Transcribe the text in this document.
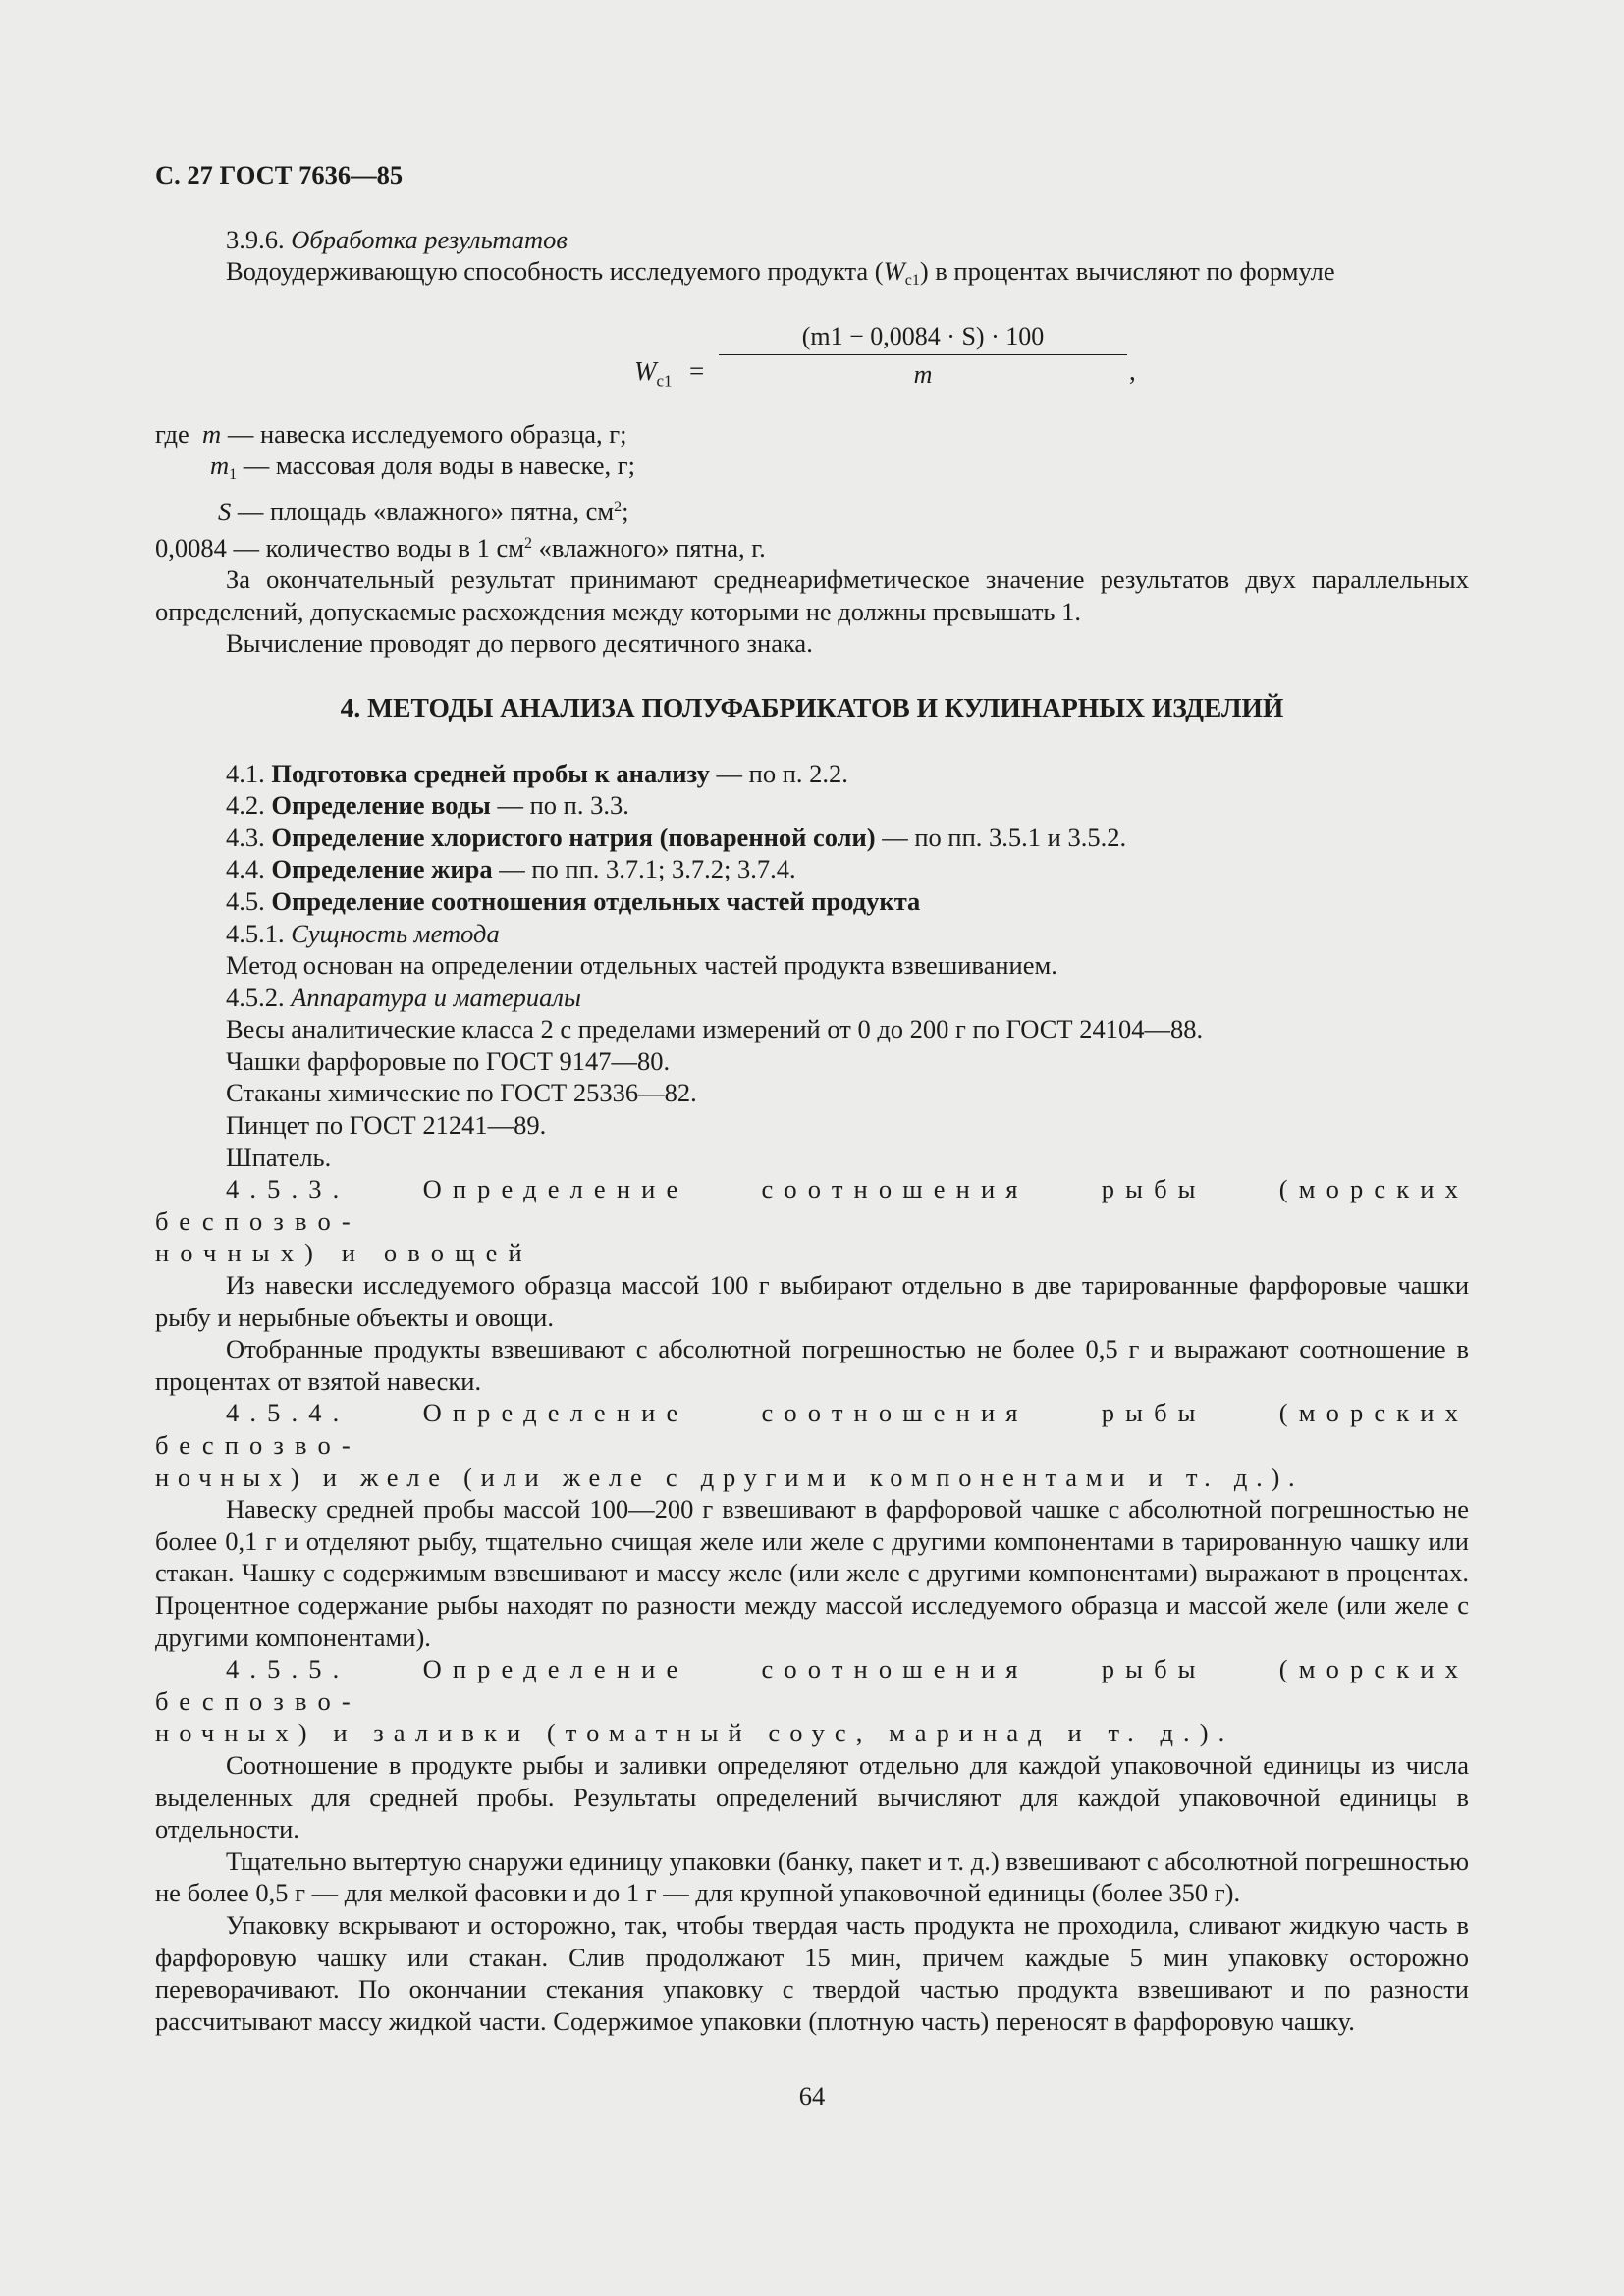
С. 27 ГОСТ 7636—85

3.9.6. Обработка результатов

Водоудерживающую способность исследуемого продукта $(W_{с1})$ в процентах вычисляют по формуле

$W_{с1} = \frac{(m1 - 0,0084 \cdot S) \cdot 100}{m}$ ,
где m — навеска исследуемого образца, г;
$m_1$ — массовая доля воды в навеске, г;
S — площадь «влажного» пятна, $см^2$;
0,0084 — количество воды в 1 $см^2$ «влажного» пятна, г.

За окончательный результат принимают среднеарифметическое значение результатов двух параллельных определений, допускаемые расхождения между которыми не должны превышать 1.

Вычисление проводят до первого десятичного знака.

4. МЕТОДЫ АНАЛИЗА ПОЛУФАБРИКАТОВ И КУЛИНАРНЫХ ИЗДЕЛИЙ

4.1. Подготовка средней пробы к анализу — по п. 2.2.

4.2. Определение воды — по п. 3.3.

4.3. Определение хлористого натрия (поваренной соли) — по пп. 3.5.1 и 3.5.2.

4.4. Определение жира — по пп. 3.7.1; 3.7.2; 3.7.4.

4.5. Определение соотношения отдельных частей продукта

4.5.1. Сущность метода

Метод основан на определении отдельных частей продукта взвешиванием.

4.5.2. Аппаратура и материалы

Весы аналитические класса 2 с пределами измерений от 0 до 200 г по ГОСТ 24104—88.

Чашки фарфоровые по ГОСТ 9147—80.

Стаканы химические по ГОСТ 25336—82.

Пинцет по ГОСТ 21241—89.

Шпатель.

4.5.3. Определение соотношения рыбы (морских беспозво-

ночных) и овощей

Из навески исследуемого образца массой 100 г выбирают отдельно в две тарированные фарфоровые чашки рыбу и нерыбные объекты и овощи.

Отобранные продукты взвешивают с абсолютной погрешностью не более 0,5 г и выражают соотношение в процентах от взятой навески.

4.5.4. Определение соотношения рыбы (морских беспозво-

ночных) и желе (или желе с другими компонентами и т. д.).

Навеску средней пробы массой 100—200 г взвешивают в фарфоровой чашке с абсолютной погрешностью не более 0,1 г и отделяют рыбу, тщательно счищая желе или желе с другими компонентами в тарированную чашку или стакан. Чашку с содержимым взвешивают и массу желе (или желе с другими компонентами) выражают в процентах. Процентное содержание рыбы находят по разности между массой исследуемого образца и массой желе (или желе с другими компонентами).

4.5.5. Определение соотношения рыбы (морских беспозво-

ночных) и заливки (томатный соус, маринад и т. д.).

Соотношение в продукте рыбы и заливки определяют отдельно для каждой упаковочной единицы из числа выделенных для средней пробы. Результаты определений вычисляют для каждой упаковочной единицы в отдельности.

Тщательно вытертую снаружи единицу упаковки (банку, пакет и т. д.) взвешивают с абсолютной погрешностью не более 0,5 г — для мелкой фасовки и до 1 г — для крупной упаковочной единицы (более 350 г).

Упаковку вскрывают и осторожно, так, чтобы твердая часть продукта не проходила, сливают жидкую часть в фарфоровую чашку или стакан. Слив продолжают 15 мин, причем каждые 5 мин упаковку осторожно переворачивают. По окончании стекания упаковку с твердой частью продукта взвешивают и по разности рассчитывают массу жидкой части. Содержимое упаковки (плотную часть) переносят в фарфоровую чашку.

64
